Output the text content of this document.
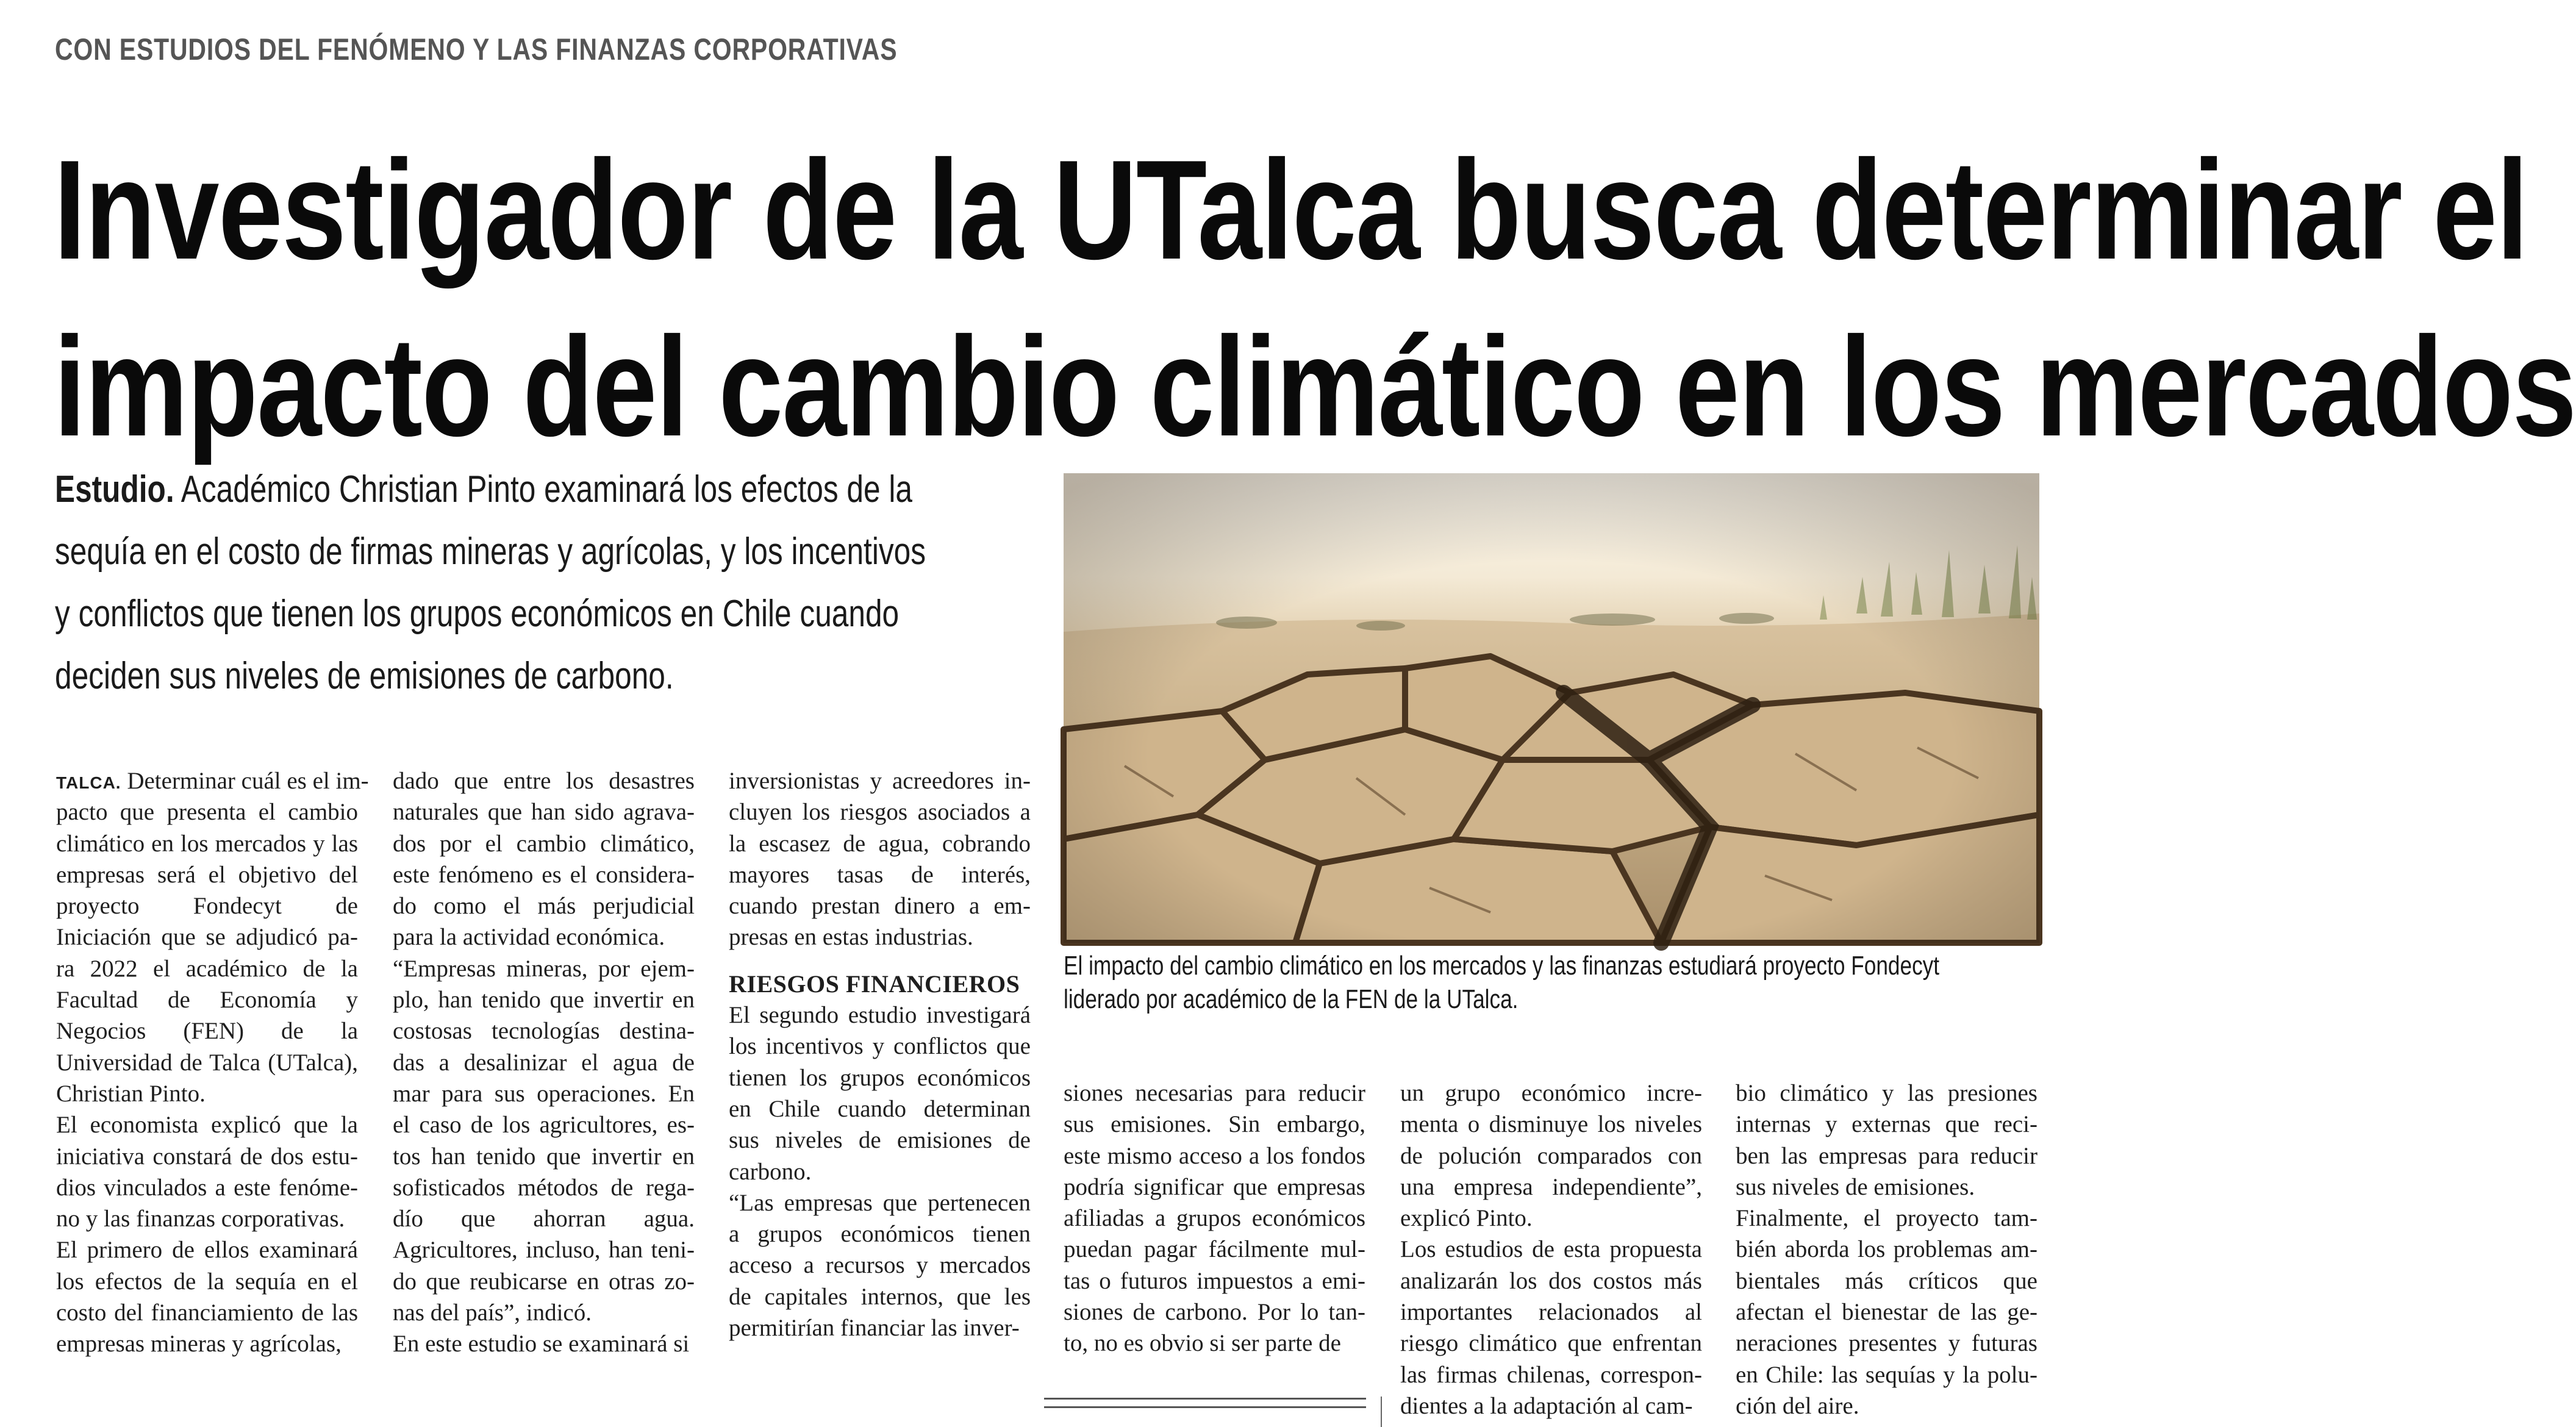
CON ESTUDIOS DEL FENÓMENO Y LAS FINANZAS CORPORATIVAS
Investigador de la UTalca busca determinar el
impacto del cambio climático en los mercados
Estudio. Académico Christian Pinto examinará los efectos de la
sequía en el costo de firmas mineras y agrícolas, y los incentivos
y conflictos que tienen los grupos económicos en Chile cuando
deciden sus niveles de emisiones de carbono.
El impacto del cambio climático en los mercados y las finanzas estudiará proyecto Fondecyt
liderado por académico de la FEN de la UTalca.
TALCA. Determinar cuál es el im-
pacto que presenta el cambio
climático en los mercados y las
empresas será el objetivo del
proyecto Fondecyt de
Iniciación que se adjudicó pa-
ra 2022 el académico de la
Facultad de Economía y
Negocios (FEN) de la
Universidad de Talca (UTalca),
Christian Pinto.
El economista explicó que la
iniciativa constará de dos estu-
dios vinculados a este fenóme-
no y las finanzas corporativas.
El primero de ellos examinará
los efectos de la sequía en el
costo del financiamiento de las
empresas mineras y agrícolas,
dado que entre los desastres
naturales que han sido agrava-
dos por el cambio climático,
este fenómeno es el considera-
do como el más perjudicial
para la actividad económica.
“Empresas mineras, por ejem-
plo, han tenido que invertir en
costosas tecnologías destina-
das a desalinizar el agua de
mar para sus operaciones. En
el caso de los agricultores, es-
tos han tenido que invertir en
sofisticados métodos de rega-
dío que ahorran agua.
Agricultores, incluso, han teni-
do que reubicarse en otras zo-
nas del país”, indicó.
En este estudio se examinará si
inversionistas y acreedores in-
cluyen los riesgos asociados a
la escasez de agua, cobrando
mayores tasas de interés,
cuando prestan dinero a em-
presas en estas industrias.
RIESGOS FINANCIEROS
El segundo estudio investigará
los incentivos y conflictos que
tienen los grupos económicos
en Chile cuando determinan
sus niveles de emisiones de
carbono.
“Las empresas que pertenecen
a grupos económicos tienen
acceso a recursos y mercados
de capitales internos, que les
permitirían financiar las inver-
siones necesarias para reducir
sus emisiones. Sin embargo,
este mismo acceso a los fondos
podría significar que empresas
afiliadas a grupos económicos
puedan pagar fácilmente mul-
tas o futuros impuestos a emi-
siones de carbono. Por lo tan-
to, no es obvio si ser parte de
un grupo económico incre-
menta o disminuye los niveles
de polución comparados con
una empresa independiente”,
explicó Pinto.
Los estudios de esta propuesta
analizarán los dos costos más
importantes relacionados al
riesgo climático que enfrentan
las firmas chilenas, correspon-
dientes a la adaptación al cam-
bio climático y las presiones
internas y externas que reci-
ben las empresas para reducir
sus niveles de emisiones.
Finalmente, el proyecto tam-
bién aborda los problemas am-
bientales más críticos que
afectan el bienestar de las ge-
neraciones presentes y futuras
en Chile: las sequías y la polu-
ción del aire.
